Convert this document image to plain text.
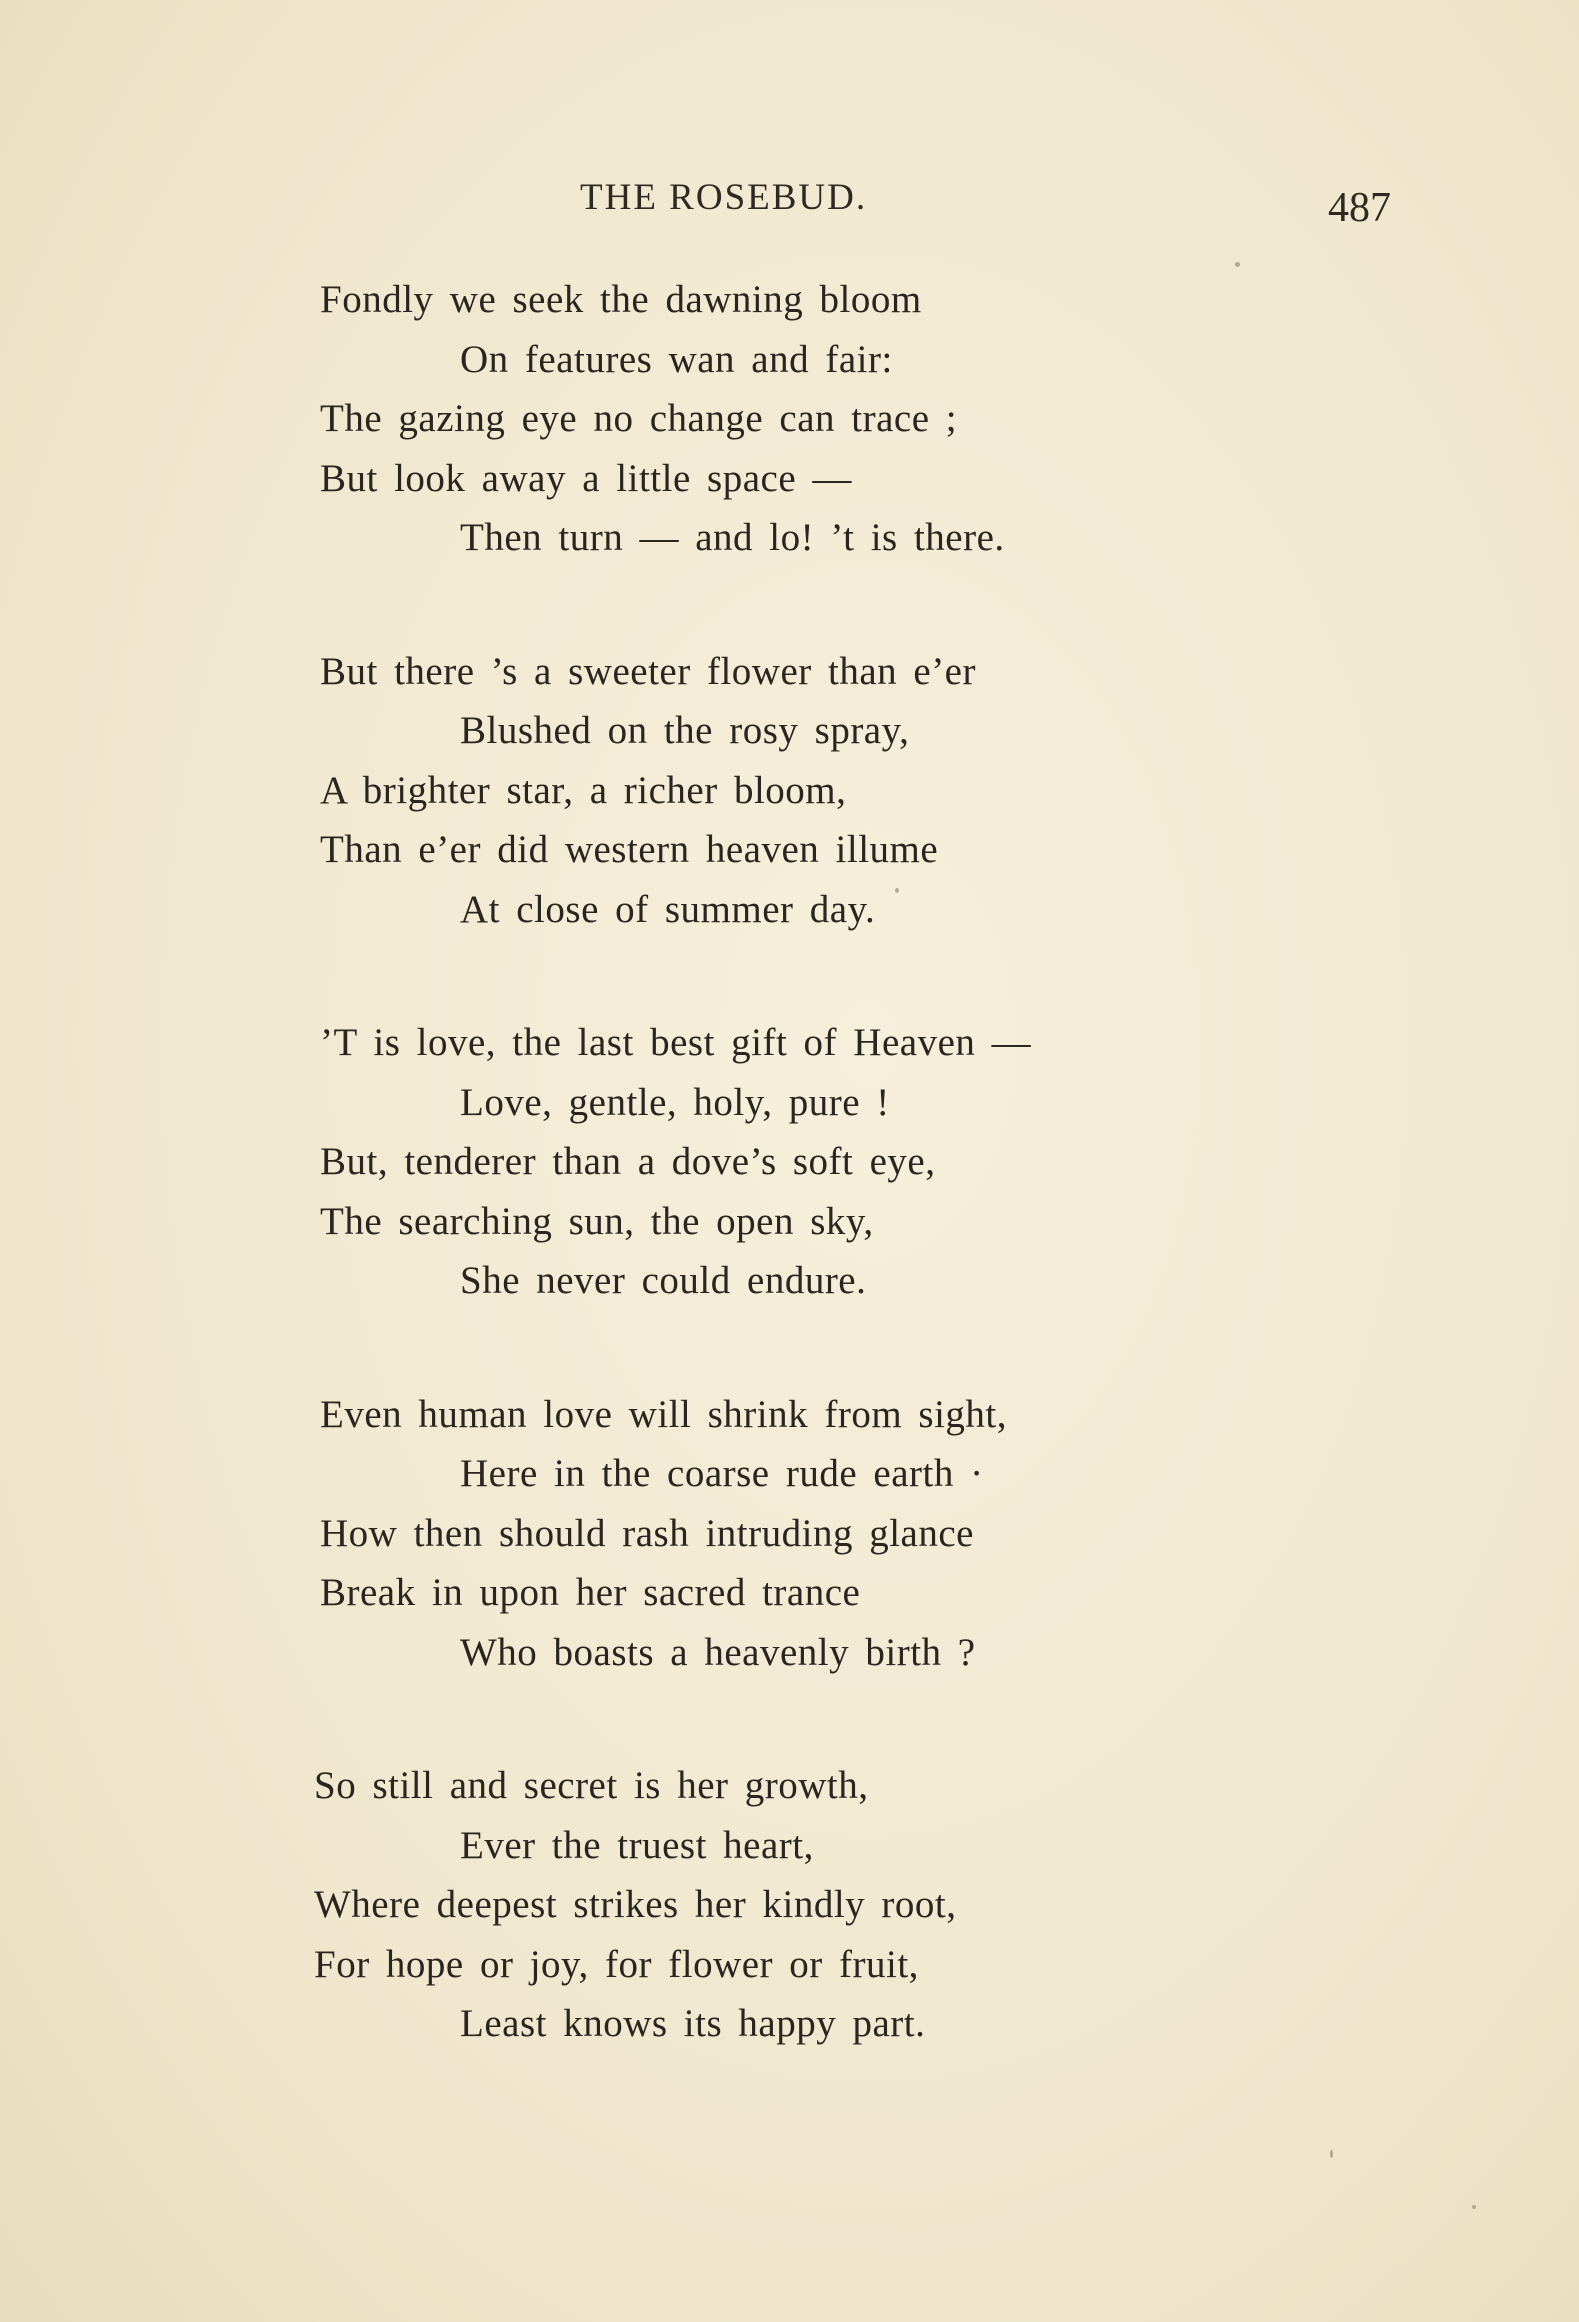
THE ROSEBUD.	487
Fondly we seek the dawning bloom
On features wan and fair:
The gazing eye no change can trace ;
But look away a little space —
Then turn — and lo! ’t is there.
But there ’s a sweeter flower than e’er
Blushed on the rosy spray,
A brighter star, a richer bloom,
Than e’er did western heaven illume
At close of summer day.
’T is love, the last best gift of Heaven —
Love, gentle, holy, pure !
But, tenderer than a dove’s soft eye,
The searching sun, the open sky,
She never could endure.
Even human love will shrink from sight,
Here in the coarse rude earth ·
How then should rash intruding glance
Break in upon her sacred trance
Who boasts a heavenly birth ?
So still and secret is her growth,
Ever the truest heart,
Where deepest strikes her kindly root,
For hope or joy, for flower or fruit,
Least knows its happy part.
